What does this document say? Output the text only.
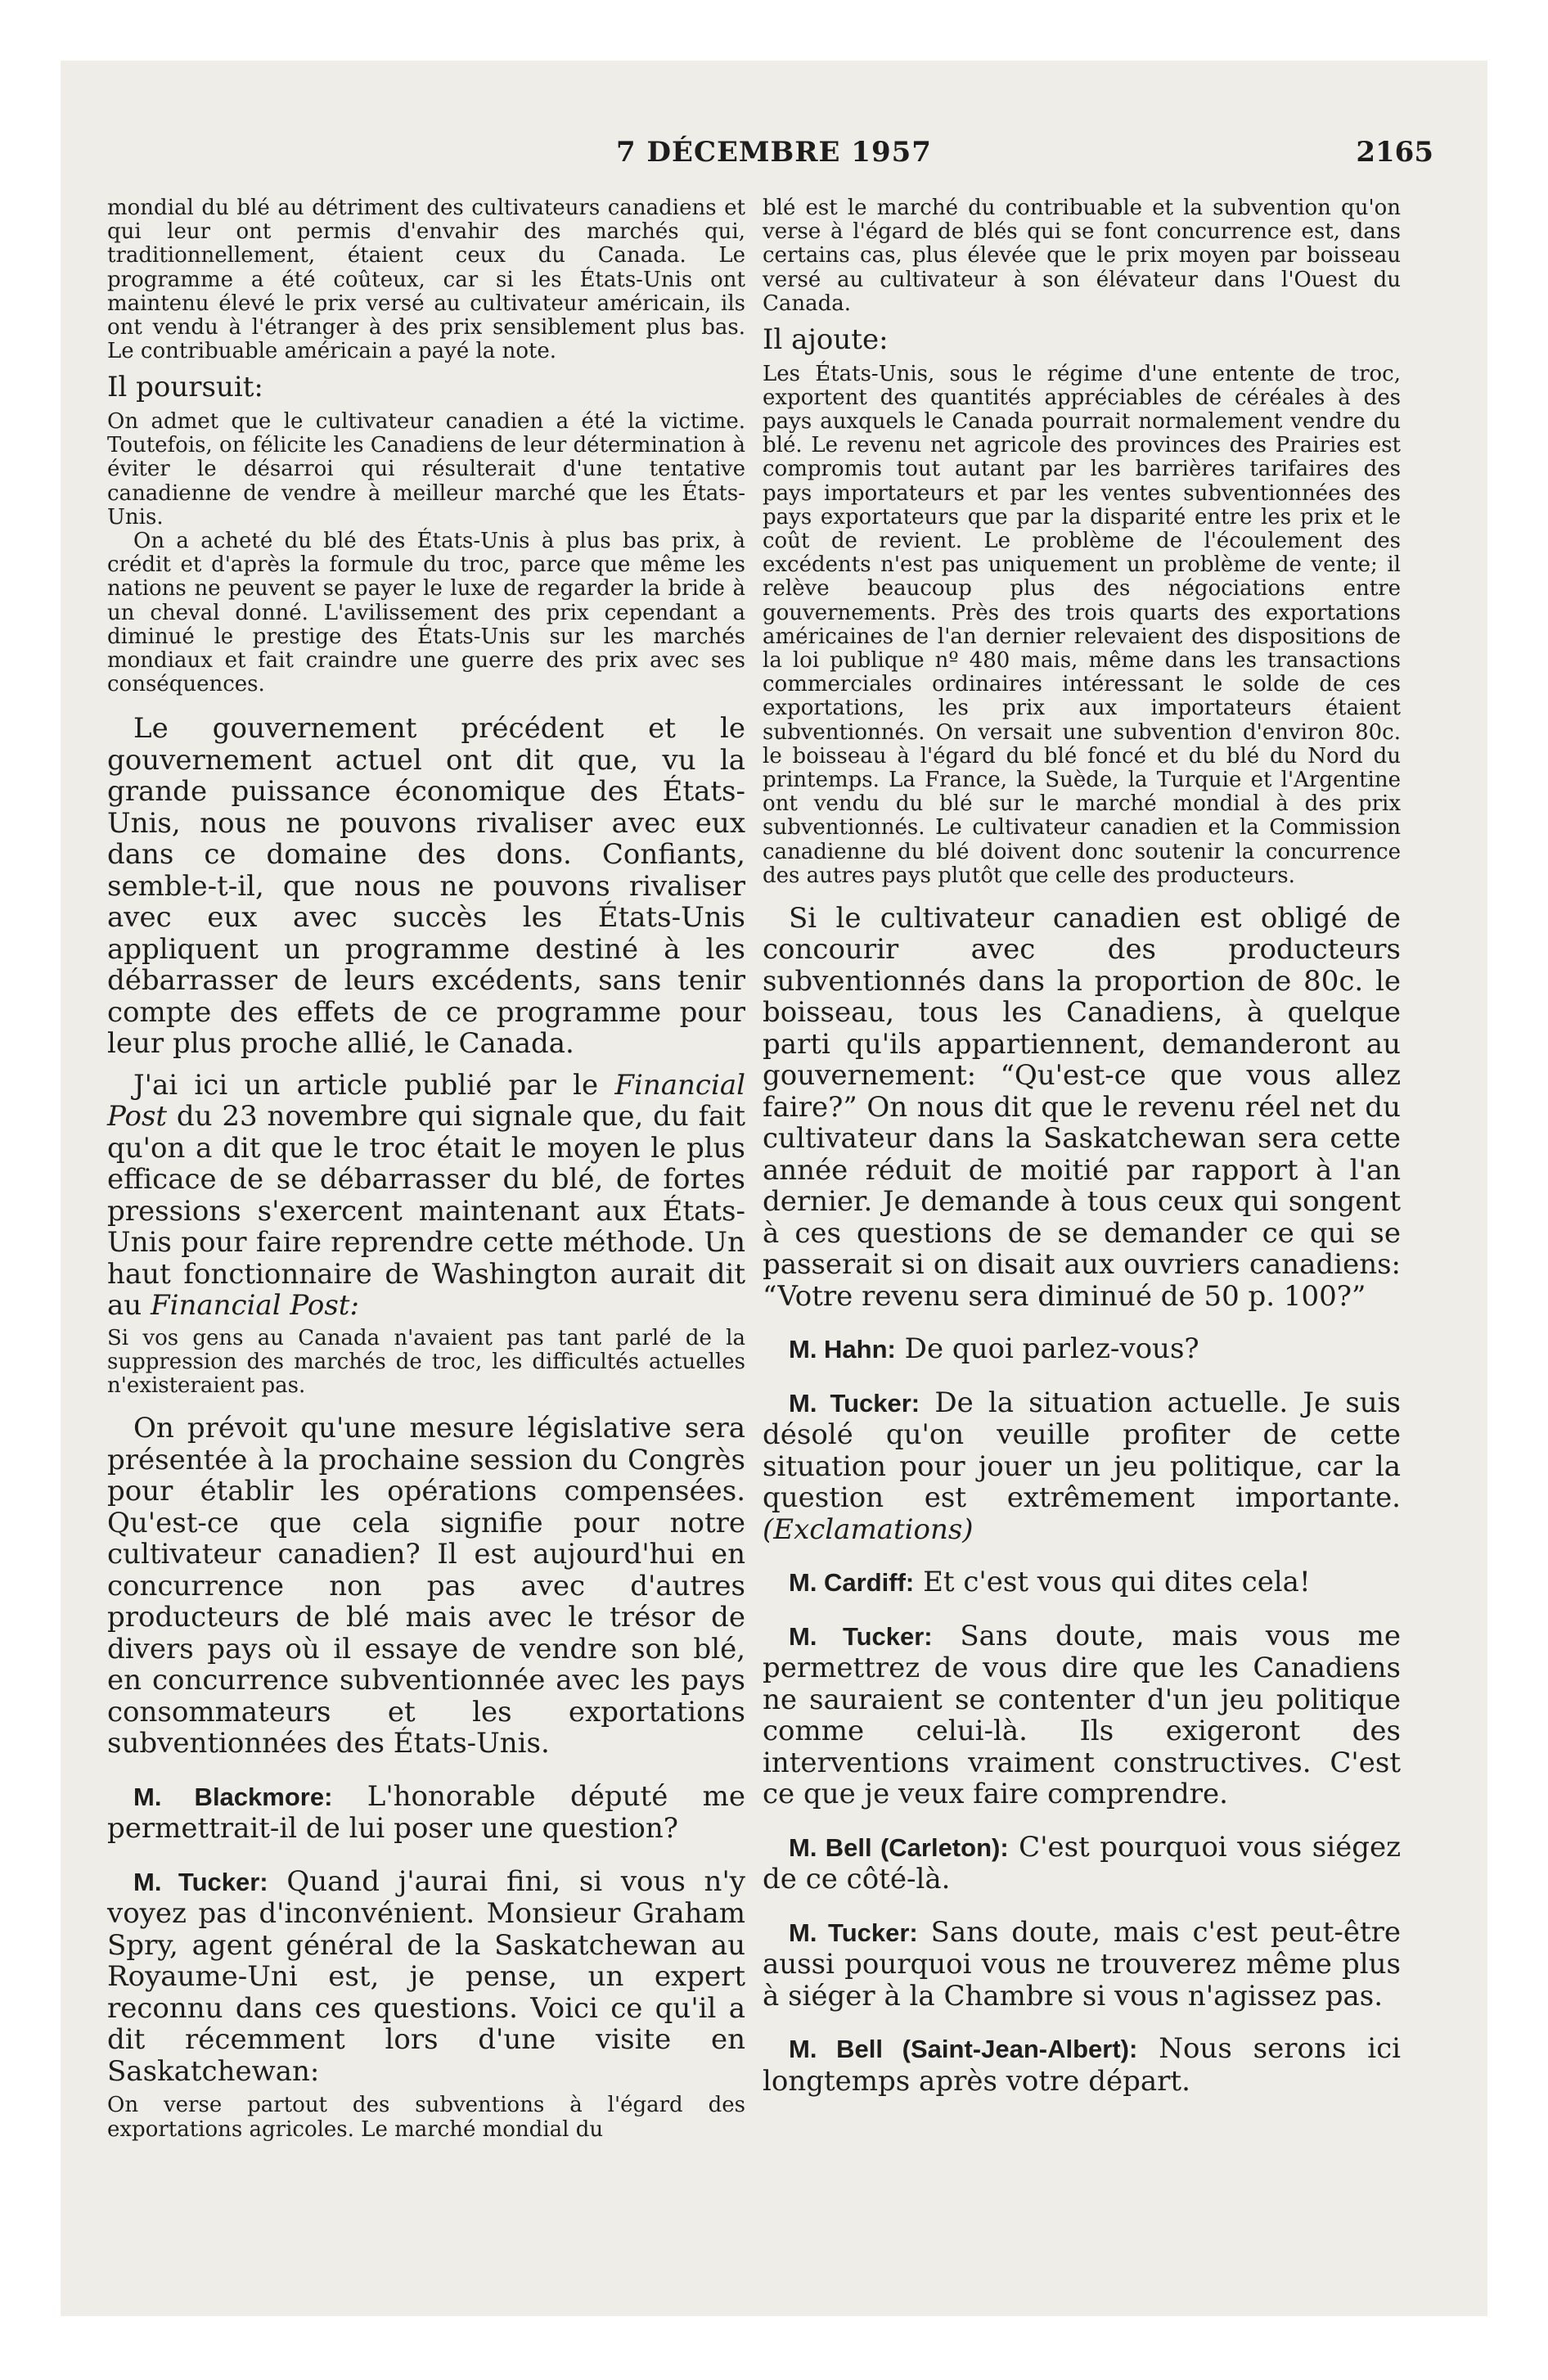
7 DÉCEMBRE 1957	2165

mondial du blé au détriment des cultivateurs canadiens et qui leur ont permis d'envahir des marchés qui, traditionnellement, étaient ceux du Canada. Le programme a été coûteux, car si les États-Unis ont maintenu élevé le prix versé au cultivateur américain, ils ont vendu à l'étranger à des prix sensiblement plus bas. Le contribuable américain a payé la note.

Il poursuit:

On admet que le cultivateur canadien a été la victime. Toutefois, on félicite les Canadiens de leur détermination à éviter le désarroi qui résulterait d'une tentative canadienne de vendre à meilleur marché que les États-Unis.

On a acheté du blé des États-Unis à plus bas prix, à crédit et d'après la formule du troc, parce que même les nations ne peuvent se payer le luxe de regarder la bride à un cheval donné. L'avilissement des prix cependant a diminué le prestige des États-Unis sur les marchés mondiaux et fait craindre une guerre des prix avec ses conséquences.

Le gouvernement précédent et le gouvernement actuel ont dit que, vu la grande puissance économique des États-Unis, nous ne pouvons rivaliser avec eux dans ce domaine des dons. Confiants, semble-t-il, que nous ne pouvons rivaliser avec eux avec succès les États-Unis appliquent un programme destiné à les débarrasser de leurs excédents, sans tenir compte des effets de ce programme pour leur plus proche allié, le Canada.

J'ai ici un article publié par le Financial Post du 23 novembre qui signale que, du fait qu'on a dit que le troc était le moyen le plus efficace de se débarrasser du blé, de fortes pressions s'exercent maintenant aux États-Unis pour faire reprendre cette méthode. Un haut fonctionnaire de Washington aurait dit au Financial Post:

Si vos gens au Canada n'avaient pas tant parlé de la suppression des marchés de troc, les difficultés actuelles n'existeraient pas.

On prévoit qu'une mesure législative sera présentée à la prochaine session du Congrès pour établir les opérations compensées. Qu'est-ce que cela signifie pour notre cultivateur canadien? Il est aujourd'hui en concurrence non pas avec d'autres producteurs de blé mais avec le trésor de divers pays où il essaye de vendre son blé, en concurrence subventionnée avec les pays consommateurs et les exportations subventionnées des États-Unis.

M. Blackmore: L'honorable député me permettrait-il de lui poser une question?

M. Tucker: Quand j'aurai fini, si vous n'y voyez pas d'inconvénient. Monsieur Graham Spry, agent général de la Saskatchewan au Royaume-Uni est, je pense, un expert reconnu dans ces questions. Voici ce qu'il a dit récemment lors d'une visite en Saskatchewan:

On verse partout des subventions à l'égard des exportations agricoles. Le marché mondial du

blé est le marché du contribuable et la subvention qu'on verse à l'égard de blés qui se font concurrence est, dans certains cas, plus élevée que le prix moyen par boisseau versé au cultivateur à son élévateur dans l'Ouest du Canada.

Il ajoute:

Les États-Unis, sous le régime d'une entente de troc, exportent des quantités appréciables de céréales à des pays auxquels le Canada pourrait normalement vendre du blé. Le revenu net agricole des provinces des Prairies est compromis tout autant par les barrières tarifaires des pays importateurs et par les ventes subventionnées des pays exportateurs que par la disparité entre les prix et le coût de revient. Le problème de l'écoulement des excédents n'est pas uniquement un problème de vente; il relève beaucoup plus des négociations entre gouvernements. Près des trois quarts des exportations américaines de l'an dernier relevaient des dispositions de la loi publique nº 480 mais, même dans les transactions commerciales ordinaires intéressant le solde de ces exportations, les prix aux importateurs étaient subventionnés. On versait une subvention d'environ 80c. le boisseau à l'égard du blé foncé et du blé du Nord du printemps. La France, la Suède, la Turquie et l'Argentine ont vendu du blé sur le marché mondial à des prix subventionnés. Le cultivateur canadien et la Commission canadienne du blé doivent donc soutenir la concurrence des autres pays plutôt que celle des producteurs.

Si le cultivateur canadien est obligé de concourir avec des producteurs subventionnés dans la proportion de 80c. le boisseau, tous les Canadiens, à quelque parti qu'ils appartiennent, demanderont au gouvernement: “Qu'est-ce que vous allez faire?” On nous dit que le revenu réel net du cultivateur dans la Saskatchewan sera cette année réduit de moitié par rapport à l'an dernier. Je demande à tous ceux qui songent à ces questions de se demander ce qui se passerait si on disait aux ouvriers canadiens: “Votre revenu sera diminué de 50 p. 100?”

M. Hahn: De quoi parlez-vous?

M. Tucker: De la situation actuelle. Je suis désolé qu'on veuille profiter de cette situation pour jouer un jeu politique, car la question est extrêmement importante. (Exclamations)

M. Cardiff: Et c'est vous qui dites cela!

M. Tucker: Sans doute, mais vous me permettrez de vous dire que les Canadiens ne sauraient se contenter d'un jeu politique comme celui-là. Ils exigeront des interventions vraiment constructives. C'est ce que je veux faire comprendre.

M. Bell (Carleton): C'est pourquoi vous siégez de ce côté-là.

M. Tucker: Sans doute, mais c'est peut-être aussi pourquoi vous ne trouverez même plus à siéger à la Chambre si vous n'agissez pas.

M. Bell (Saint-Jean-Albert): Nous serons ici longtemps après votre départ.
